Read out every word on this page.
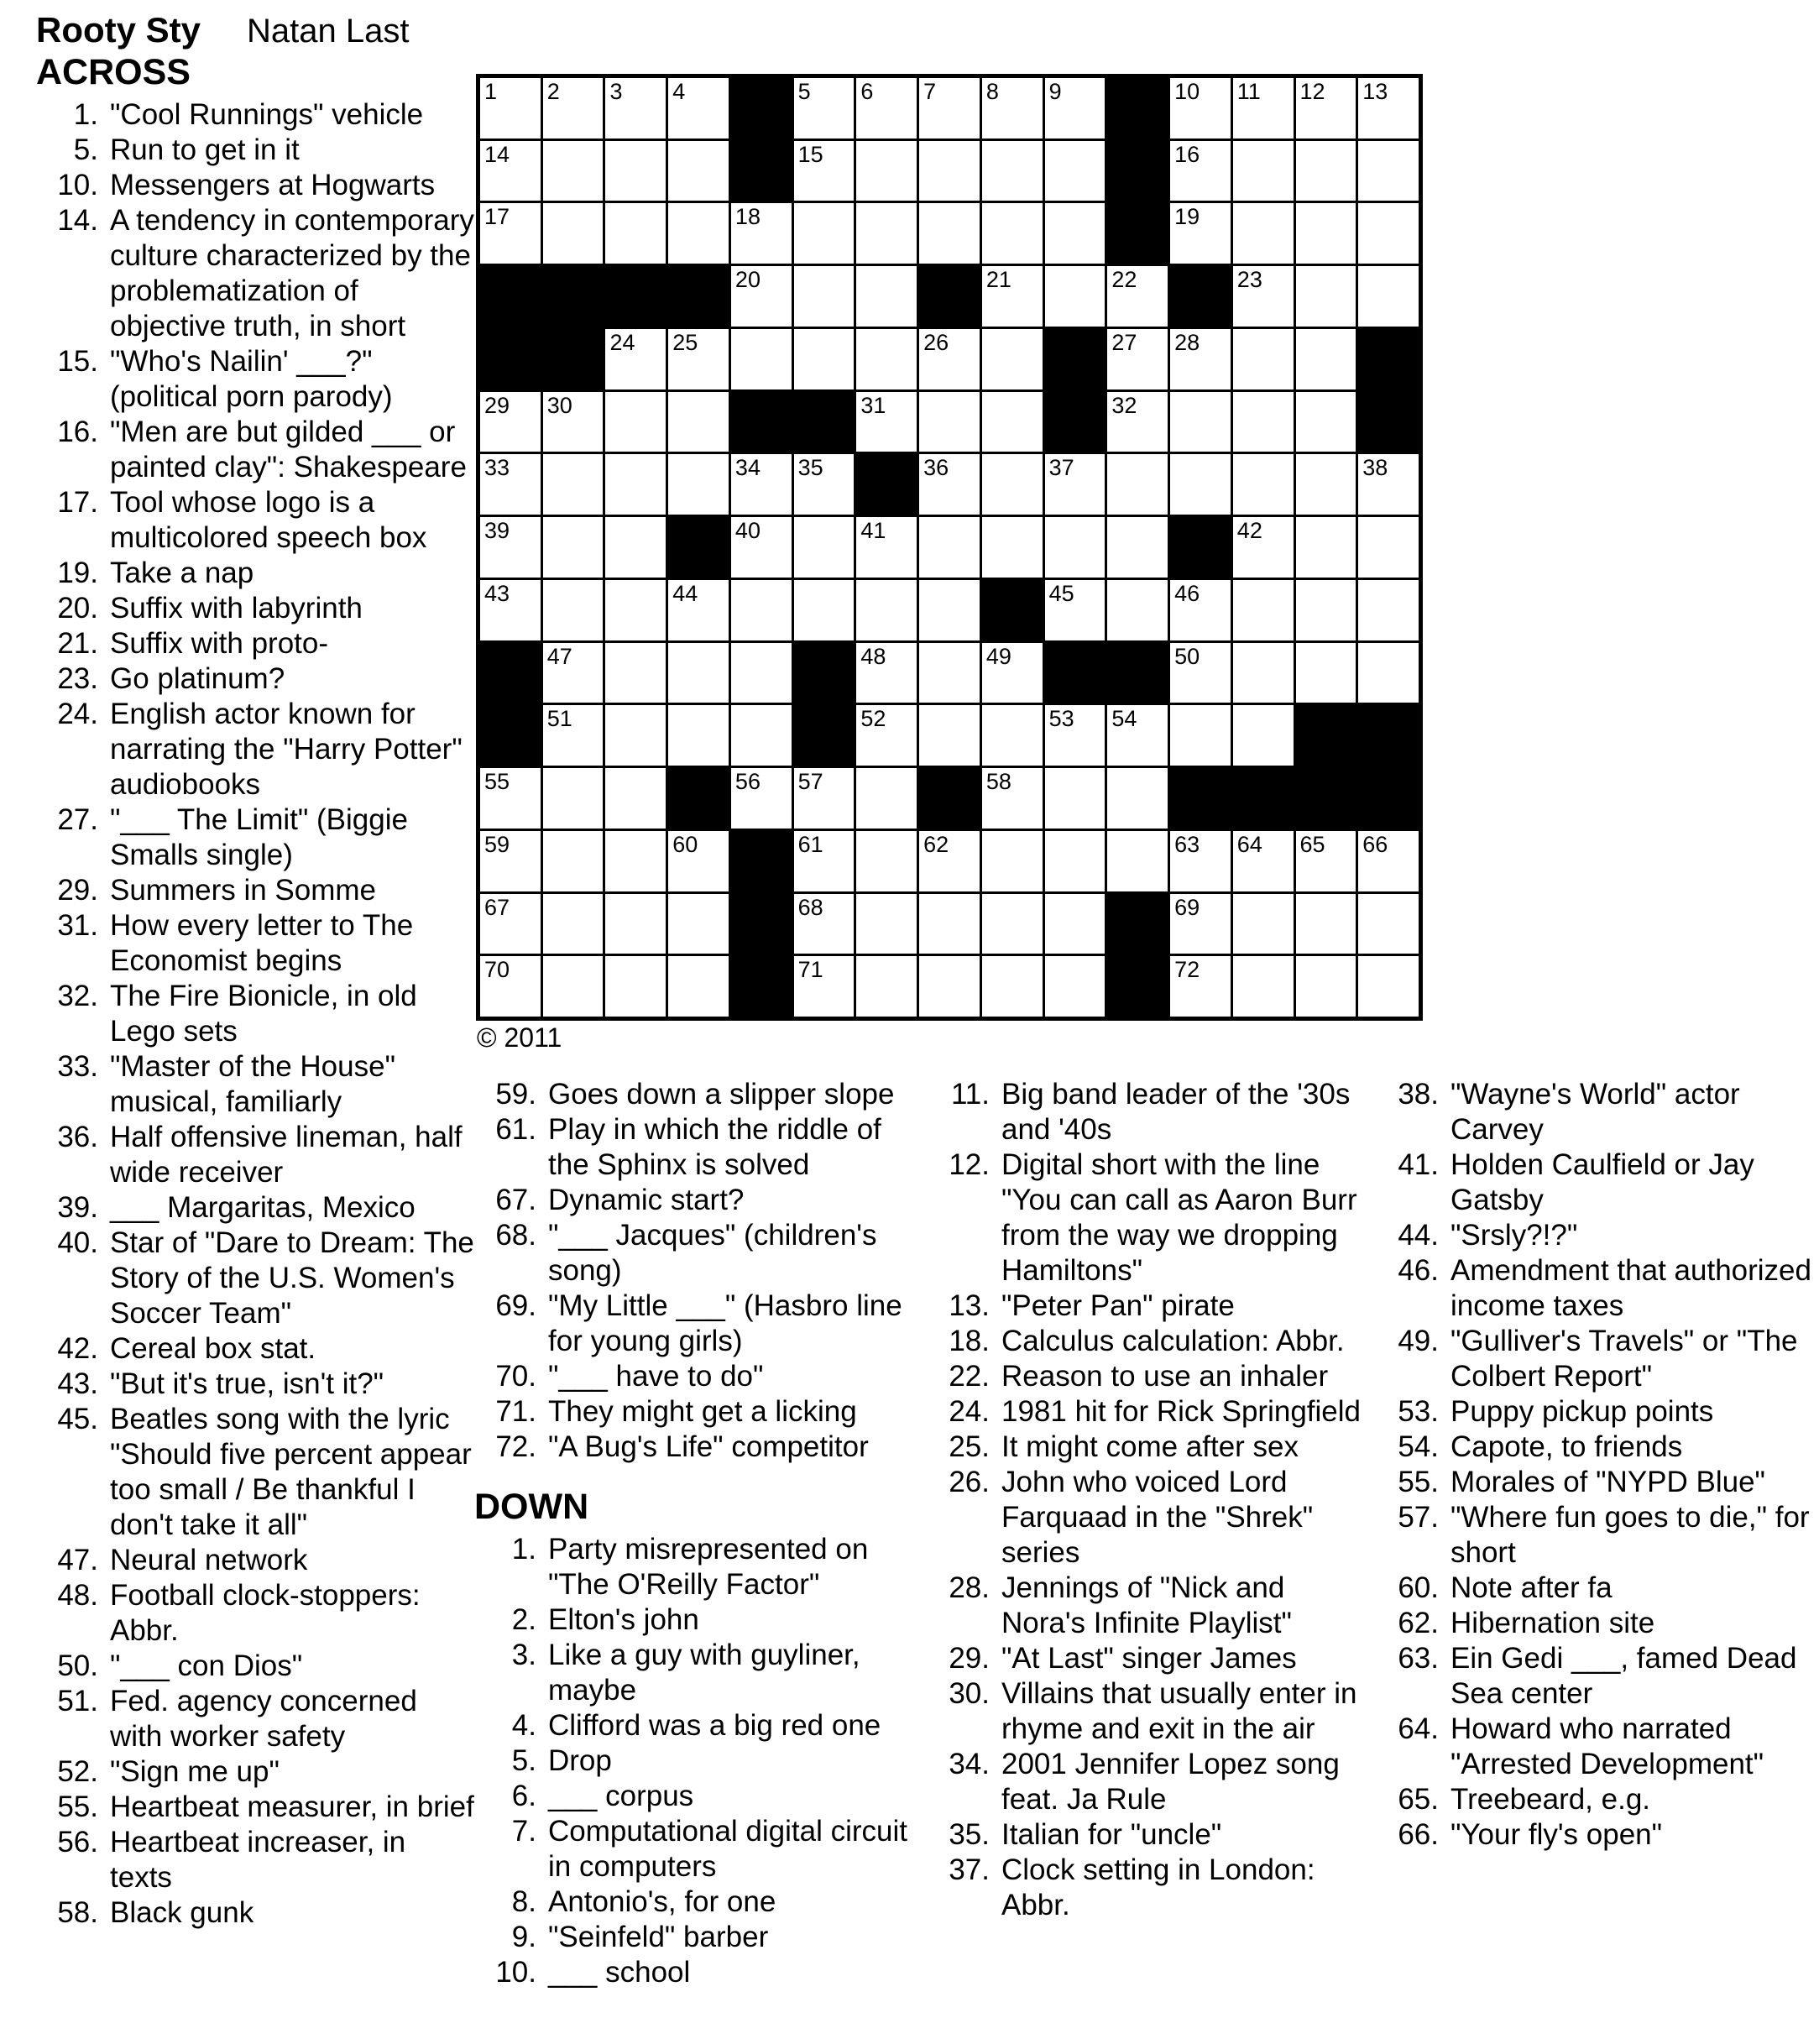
Rooty Sty Natan Last
ACROSS
1. "Cool Runnings" vehicle
5. Run to get in it
10. Messengers at Hogwarts
14. A tendency in contemporary culture characterized by the problematization of objective truth, in short
15. "Who's Nailin' ___?" (political porn parody)
16. "Men are but gilded ___ or painted clay": Shakespeare
17. Tool whose logo is a multicolored speech box
19. Take a nap
20. Suffix with labyrinth
21. Suffix with proto-
23. Go platinum?
24. English actor known for narrating the "Harry Potter" audiobooks
27. "___ The Limit" (Biggie Smalls single)
29. Summers in Somme
31. How every letter to The Economist begins
32. The Fire Bionicle, in old Lego sets
33. "Master of the House" musical, familiarly
36. Half offensive lineman, half wide receiver
39. ___ Margaritas, Mexico
40. Star of "Dare to Dream: The Story of the U.S. Women's Soccer Team"
42. Cereal box stat.
43. "But it's true, isn't it?"
45. Beatles song with the lyric "Should five percent appear too small / Be thankful I don't take it all"
47. Neural network
48. Football clock-stoppers: Abbr.
50. "___ con Dios"
51. Fed. agency concerned with worker safety
52. "Sign me up"
55. Heartbeat measurer, in brief
56. Heartbeat increaser, in texts
58. Black gunk
1 2 3 4	5 6 7 8 9	10 11 12 13
14	15	16
17	18	19
20	21	22	23
24 25	26	27 28
29 30	31	32
33	34 35	36	37	38
39	40	41	42
43	44	45	46
47	48	49	50
51	52	53 54
55	56 57	58
59	60	61	62	63 64 65 66
67	68	69
70	71	72
© 2011
59. Goes down a slipper slope
61. Play in which the riddle of the Sphinx is solved
67. Dynamic start?
68. "___ Jacques" (children's song)
69. "My Little ___" (Hasbro line for young girls)
70. "___ have to do"
71. They might get a licking
72. "A Bug's Life" competitor
DOWN
1. Party misrepresented on "The O'Reilly Factor"
2. Elton's john
3. Like a guy with guyliner, maybe
4. Clifford was a big red one
5. Drop
6. ___ corpus
7. Computational digital circuit in computers
8. Antonio's, for one
9. "Seinfeld" barber
10. ___ school
11. Big band leader of the '30s and '40s
12. Digital short with the line "You can call as Aaron Burr from the way we dropping Hamiltons"
13. "Peter Pan" pirate
18. Calculus calculation: Abbr.
22. Reason to use an inhaler
24. 1981 hit for Rick Springfield
25. It might come after sex
26. John who voiced Lord Farquaad in the "Shrek" series
28. Jennings of "Nick and Nora's Infinite Playlist"
29. "At Last" singer James
30. Villains that usually enter in rhyme and exit in the air
34. 2001 Jennifer Lopez song feat. Ja Rule
35. Italian for "uncle"
37. Clock setting in London: Abbr.
38. "Wayne's World" actor Carvey
41. Holden Caulfield or Jay Gatsby
44. "Srsly?!?"
46. Amendment that authorized income taxes
49. "Gulliver's Travels" or "The Colbert Report"
53. Puppy pickup points
54. Capote, to friends
55. Morales of "NYPD Blue"
57. "Where fun goes to die," for short
60. Note after fa
62. Hibernation site
63. Ein Gedi ___, famed Dead Sea center
64. Howard who narrated "Arrested Development"
65. Treebeard, e.g.
66. "Your fly's open"
